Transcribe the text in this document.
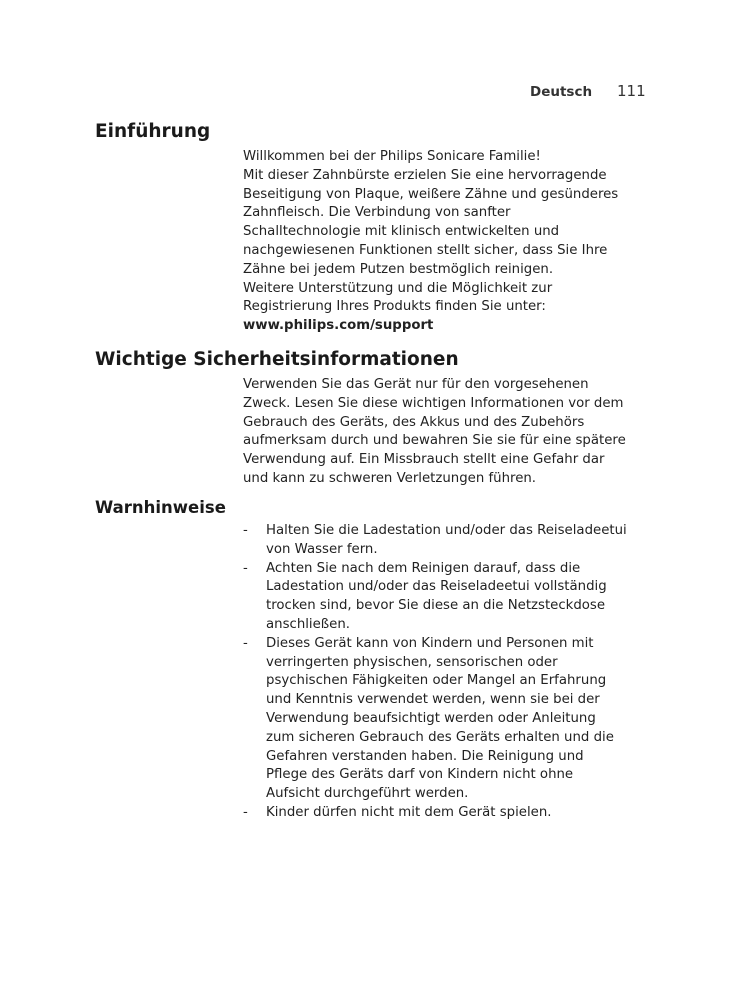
Deutsch 111
Einführung

Willkommen bei der Philips Sonicare Familie!

Mit dieser Zahnbürste erzielen Sie eine hervorragende
Beseitigung von Plaque, weißere Zähne und gesünderes
Zahnfleisch. Die Verbindung von sanfter
Schalltechnologie mit klinisch entwickelten und
nachgewiesenen Funktionen stellt sicher, dass Sie Ihre
Zähne bei jedem Putzen bestmöglich reinigen.

Weitere Unterstützung und die Möglichkeit zur
Registrierung Ihres Produkts finden Sie unter:

www.philips.com/support

Wichtige Sicherheitsinformationen

Verwenden Sie das Gerät nur für den vorgesehenen
Zweck. Lesen Sie diese wichtigen Informationen vor dem
Gebrauch des Geräts, des Akkus und des Zubehörs
aufmerksam durch und bewahren Sie sie für eine spätere
Verwendung auf. Ein Missbrauch stellt eine Gefahr dar
und kann zu schweren Verletzungen führen.

Warnhinweise
- Halten Sie die Ladestation und/oder das Reiseladeetui
von Wasser fern.
- Achten Sie nach dem Reinigen darauf, dass die
Ladestation und/oder das Reiseladeetui vollständig
trocken sind, bevor Sie diese an die Netzsteckdose
anschließen.
- Dieses Gerät kann von Kindern und Personen mit
verringerten physischen, sensorischen oder
psychischen Fähigkeiten oder Mangel an Erfahrung
und Kenntnis verwendet werden, wenn sie bei der
Verwendung beaufsichtigt werden oder Anleitung
zum sicheren Gebrauch des Geräts erhalten und die
Gefahren verstanden haben. Die Reinigung und
Pflege des Geräts darf von Kindern nicht ohne
Aufsicht durchgeführt werden.
- Kinder dürfen nicht mit dem Gerät spielen.
